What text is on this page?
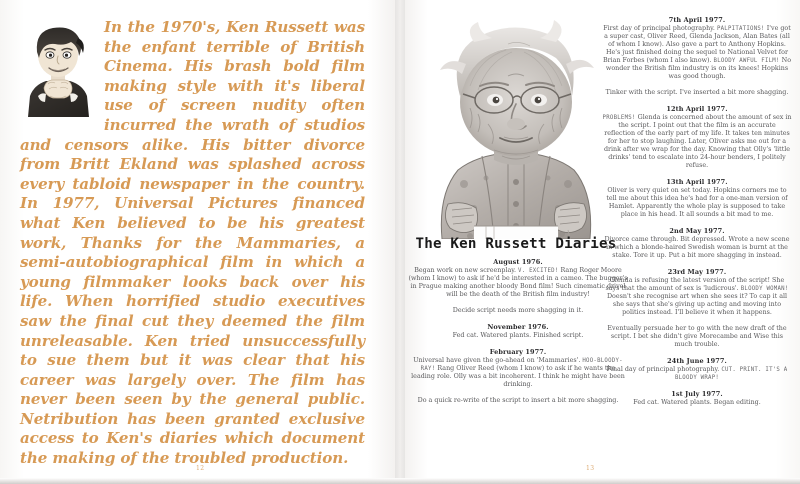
In the 1970's, Ken Russett was the enfant terrible of British Cinema. His brash bold film making style with it's liberal use of screen nudity often incurred the wrath of studios and censors alike. His bitter divorce from Britt Ekland was splashed across every tabloid newspaper in the country. In 1977, Universal Pictures financed what Ken believed to be his greatest work, Thanks for the Mammaries, a semi-autobiographical film in which a young filmmaker looks back over his life. When horrified studio executives saw the final cut they deemed the film unreleasable. Ken tried unsuccessfully to sue them but it was clear that his career was largely over. The film has never been seen by the general public. Netribution has been granted exclusive access to Ken's diaries which document the making of the troubled production.

12
The Ken Russett Diaries

August 1976.
Began work on new screenplay. V. EXCITED! Rang Roger Moore (whom I know) to ask if he'd be interested in a cameo. The bugger's in Prague making another bloody Bond film! Such cinematic drivel will be the death of the British film industry!

Decide script needs more shagging in it.

November 1976.
Fed cat. Watered plants. Finished script.

February 1977.
Universal have given the go-ahead on 'Mammaries'. HOO-BLOODY-RAY! Rang Oliver Reed (whom I know) to ask if he wants the leading role. Olly was a bit incoherent. I think he might have been drinking.

Do a quick re-write of the script to insert a bit more shagging.

7th April 1977.
First day of principal photography. PALPITATIONS! I've got a super cast, Oliver Reed, Glenda Jackson, Alan Bates (all of whom I know). Also gave a part to Anthony Hopkins. He's just finished doing the sequel to National Velvet for Brian Forbes (whom I also know). BLOODY AWFUL FILM! No wonder the British film industry is on its knees! Hopkins was good though.

Tinker with the script. I've inserted a bit more shagging.

12th April 1977.
PROBLEMS! Glenda is concerned about the amount of sex in the script. I point out that the film is an accurate reflection of the early part of my life. It takes ten minutes for her to stop laughing. Later, Oliver asks me out for a drink after we wrap for the day. Knowing that Olly's 'little drinks' tend to escalate into 24-hour benders, I politely refuse.

13th April 1977.
Oliver is very quiet on set today. Hopkins corners me to tell me about this idea he's had for a one-man version of Hamlet. Apparently the whole play is supposed to take place in his head. It all sounds a bit mad to me.

2nd May 1977.
Divorce came through. Bit depressed. Wrote a new scene in which a blonde-haired Swedish woman is burnt at the stake. Tore it up. Put a bit more shagging in instead.

23rd May 1977.
Glenda is refusing the latest version of the script! She says that the amount of sex is 'ludicrous'. BLOODY WOMAN! Doesn't she recognise art when she sees it? To cap it all she says that she's giving up acting and moving into politics instead. I'll believe it when it happens.

Eventually persuade her to go with the new draft of the script. I bet she didn't give Morecambe and Wise this much trouble.

24th June 1977.
Final day of principal photography. CUT. PRINT. IT'S A BLOODY WRAP!

1st July 1977.
Fed cat. Watered plants. Began editing.

13
